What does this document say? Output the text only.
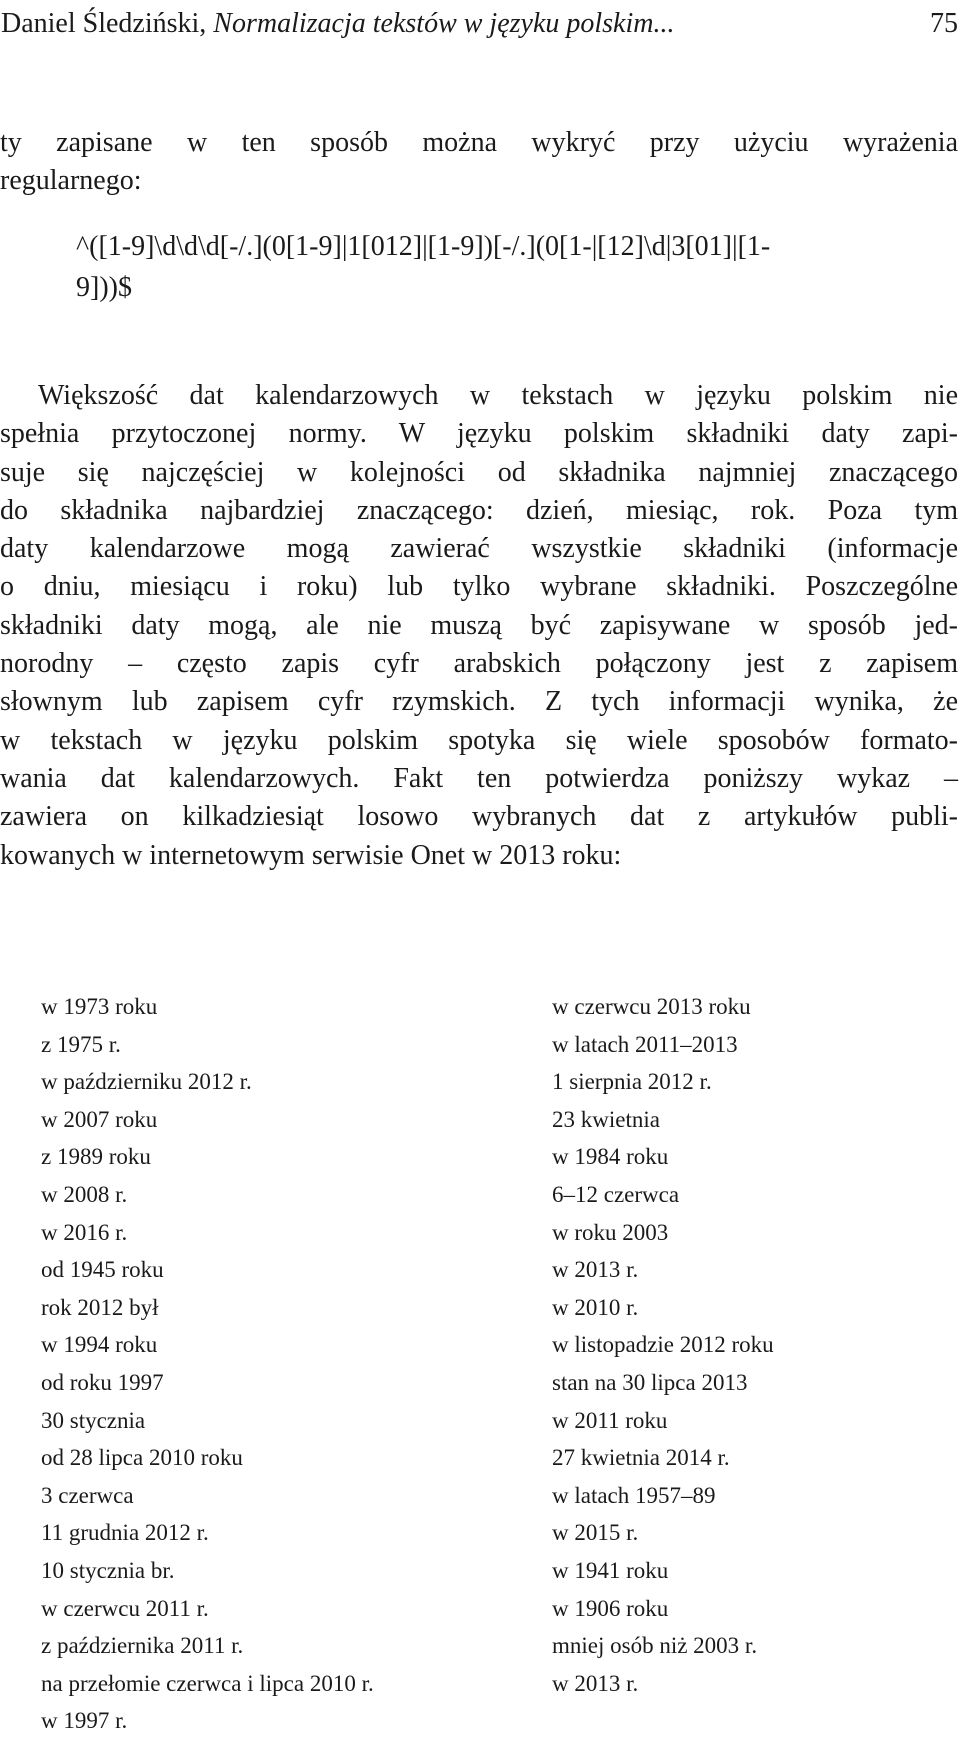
Daniel Śledziński, Normalizacja tekstów w języku polskim...	75
ty zapisane w ten sposób można wykryć przy użyciu wyrażenia
regularnego:
^([1-9]\d\d\d[-/.](0[1-9]|1[012]|[1-9])[-/.](0[1-|[12]\d|3[01]|[1-
9]))$
Większość dat kalendarzowych w tekstach w języku polskim nie
spełnia przytoczonej normy. W języku polskim składniki daty zapi-
suje się najczęściej w kolejności od składnika najmniej znaczącego
do składnika najbardziej znaczącego: dzień, miesiąc, rok. Poza tym
daty kalendarzowe mogą zawierać wszystkie składniki (informacje
o dniu, miesiącu i roku) lub tylko wybrane składniki. Poszczególne
składniki daty mogą, ale nie muszą być zapisywane w sposób jed-
norodny – często zapis cyfr arabskich połączony jest z zapisem
słownym lub zapisem cyfr rzymskich. Z tych informacji wynika, że
w tekstach w języku polskim spotyka się wiele sposobów formato-
wania dat kalendarzowych. Fakt ten potwierdza poniższy wykaz –
zawiera on kilkadziesiąt losowo wybranych dat z artykułów publi-
kowanych w internetowym serwisie Onet w 2013 roku:
w 1973 roku
z 1975 r.
w październiku 2012 r.
w 2007 roku
z 1989 roku
w 2008 r.
w 2016 r.
od 1945 roku
rok 2012 był
w 1994 roku
od roku 1997
30 stycznia
od 28 lipca 2010 roku
3 czerwca
11 grudnia 2012 r.
10 stycznia br.
w czerwcu 2011 r.
z października 2011 r.
na przełomie czerwca i lipca 2010 r.
w 1997 r.
w czerwcu 2013 roku
w latach 2011–2013
1 sierpnia 2012 r.
23 kwietnia
w 1984 roku
6–12 czerwca
w roku 2003
w 2013 r.
w 2010 r.
w listopadzie 2012 roku
stan na 30 lipca 2013
w 2011 roku
27 kwietnia 2014 r.
w latach 1957–89
w 2015 r.
w 1941 roku
w 1906 roku
mniej osób niż 2003 r.
w 2013 r.
